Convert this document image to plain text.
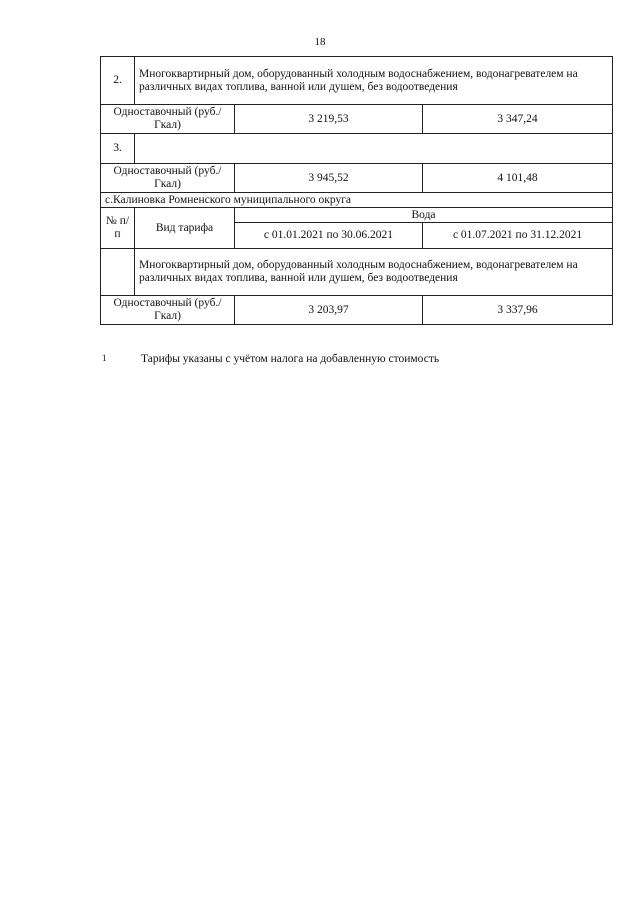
18
2.	Многоквартирный дом, оборудованный холодным водоснабжением, водонагревателем на различных видах топлива, ванной или душем, без водоотведения		
Одноставочный (руб./Гкал)		3 219,53	3 347,24
3.			
Одноставочный (руб./Гкал)		3 945,52	4 101,48
с.Калиновка Ромненского муниципального округа			
№ п/п	Вид тарифа	Вода	
		с 01.01.2021 по 30.06.2021	с 01.07.2021 по 31.12.2021
	Многоквартирный дом, оборудованный холодным водоснабжением, водонагревателем на различных видах топлива, ванной или душем, без водоотведения		
Одноставочный (руб./Гкал)		3 203,97	3 337,96
1	Тарифы указаны с учётом налога на добавленную стоимость
